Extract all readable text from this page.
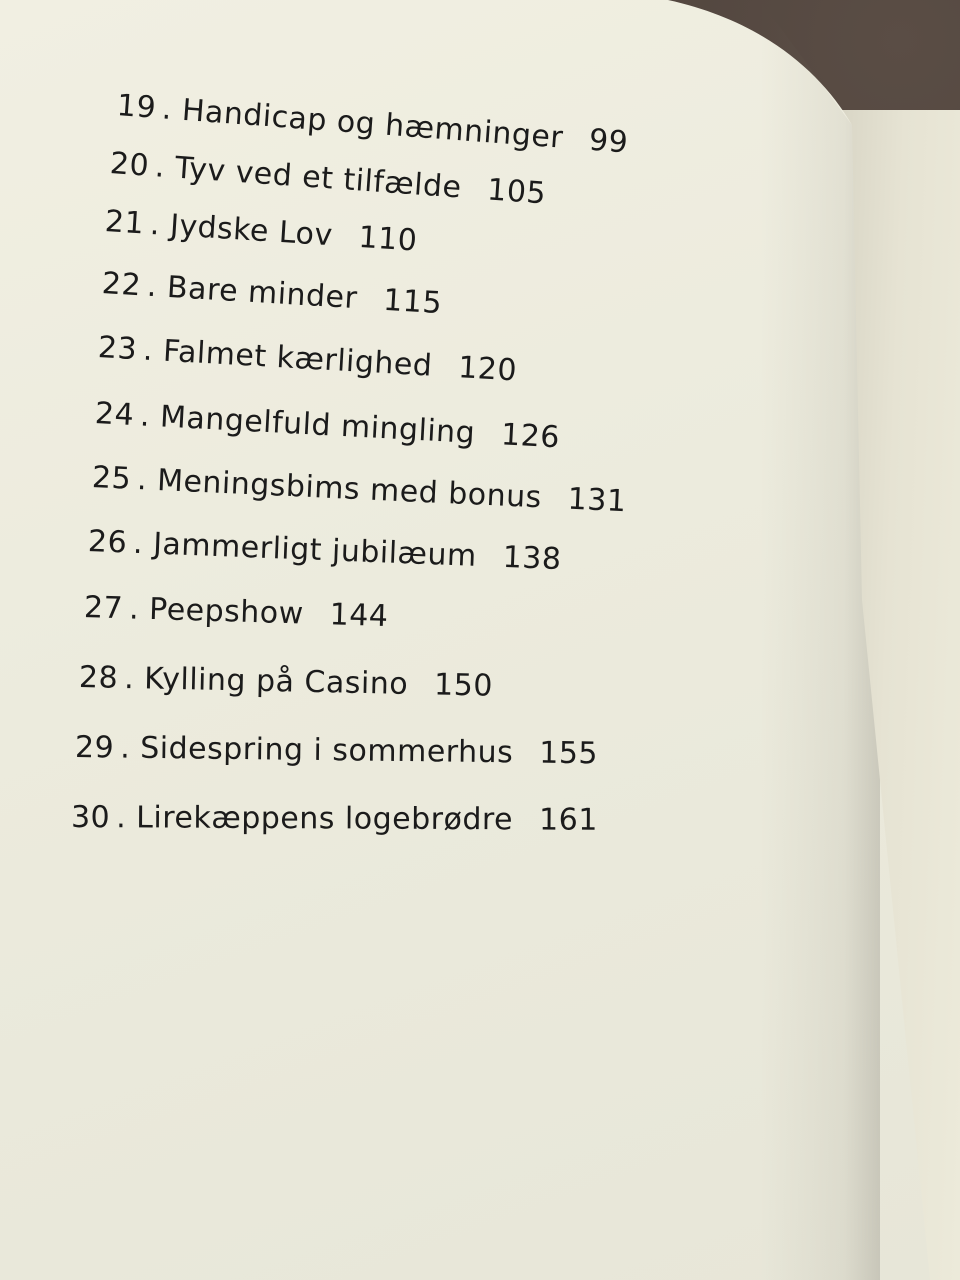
19 . Handicap og hæmninger 99
20 . Tyv ved et tilfælde 105
21 . Jydske Lov 110
22 . Bare minder 115
23 . Falmet kærlighed 120
24 . Mangelfuld mingling 126
25 . Meningsbims med bonus 131
26 . Jammerligt jubilæum 138
27 . Peepshow 144
28 . Kylling på Casino 150
29 . Sidespring i sommerhus 155
30 . Lirekæppens logebrødre 161
